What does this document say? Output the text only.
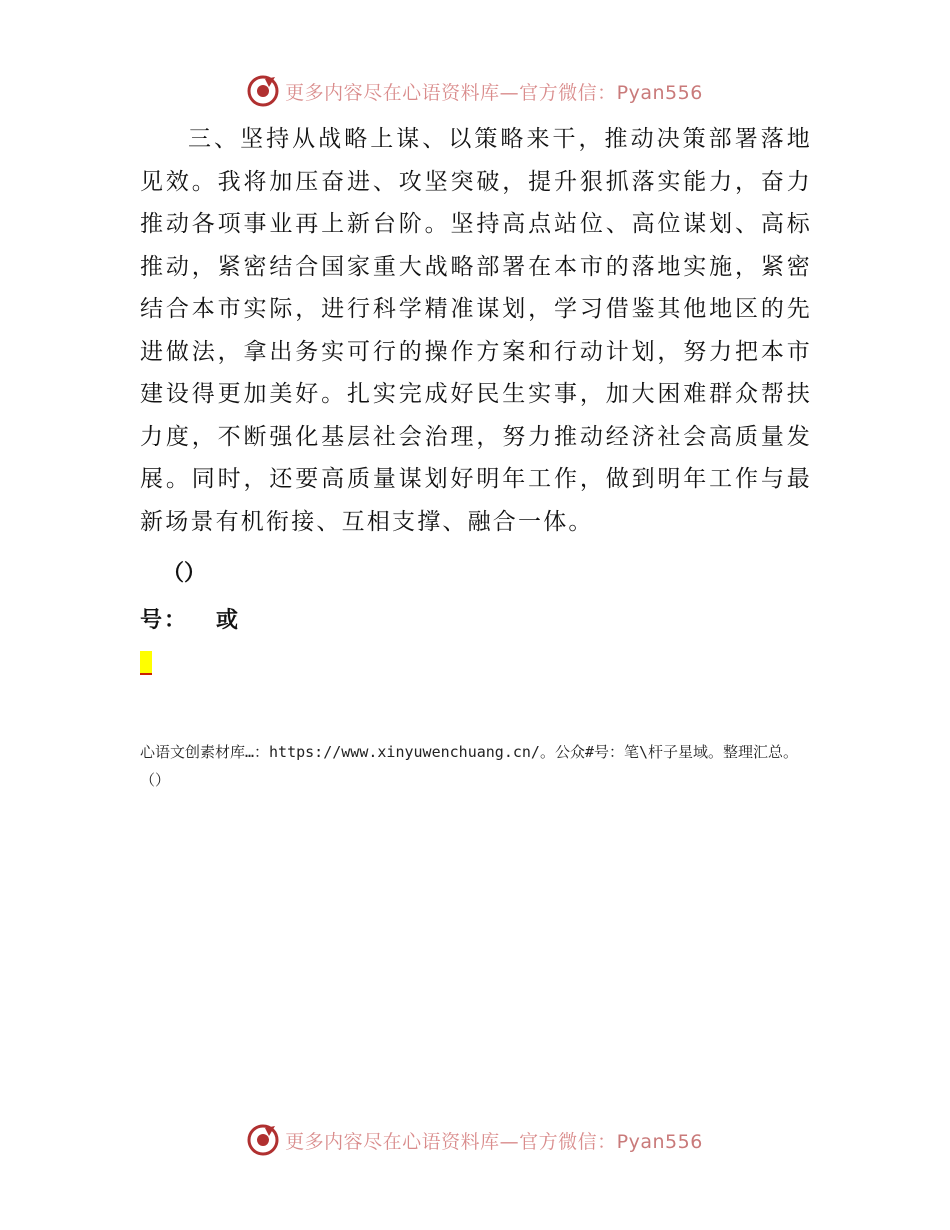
更多内容尽在心语资料库—官方微信：Pyan556

三、坚持从战略上谋、以策略来干，推动决策部署落地见效。我将加压奋进、攻坚突破，提升狠抓落实能力，奋力推动各项事业再上新台阶。坚持高点站位、高位谋划、高标推动，紧密结合国家重大战略部署在本市的落地实施，紧密结合本市实际，进行科学精准谋划，学习借鉴其他地区的先进做法，拿出务实可行的操作方案和行动计划，努力把本市建设得更加美好。扎实完成好民生实事，加大困难群众帮扶力度，不断强化基层社会治理，努力推动经济社会高质量发展。同时，还要高质量谋划好明年工作，做到明年工作与最新场景有机衔接、互相支撑、融合一体。

（）
号： 或

心语文创素材库…：https://www.xinyuwenchuang.cn/。公众#号：笔\杆子星域。整理汇总。　（）

更多内容尽在心语资料库—官方微信：Pyan556
